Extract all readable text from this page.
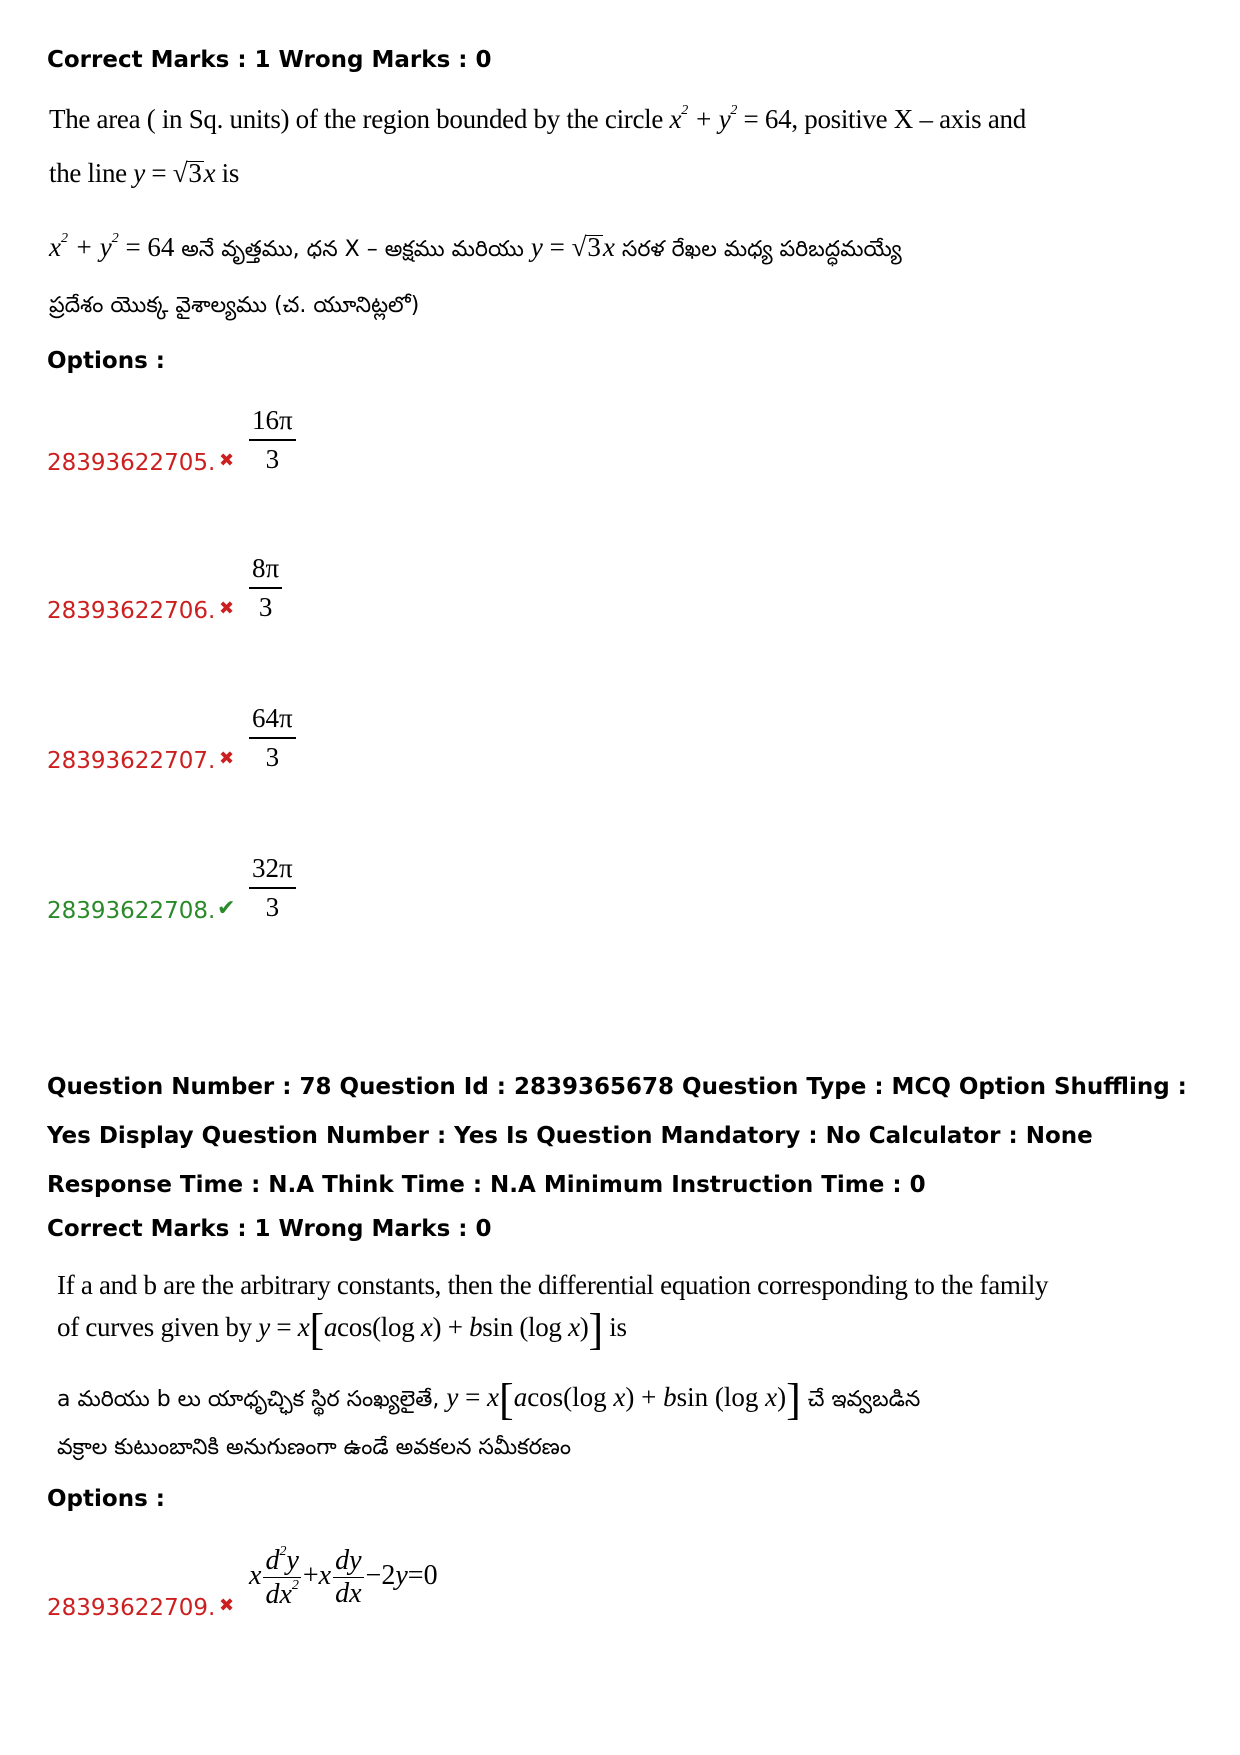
Correct Marks : 1 Wrong Marks : 0
The area ( in Sq. units) of the region bounded by the circle $x^2 + y^2 = 64$, positive X – axis and
the line y = √3x is
$x^2 + y^2 = 64$ అనే వృత్తము, ధన X – అక్షము మరియు y = √3x సరళ రేఖల మధ్య పరిబద్ధమయ్యే
ప్రదేశం యొక్క వైశాల్యము (చ. యూనిట్లలో)
Options :
28393622705. ✖ $\frac{16\pi}{3}$
28393622706. ✖ $\frac{8\pi}{3}$
28393622707. ✖ $\frac{64\pi}{3}$
28393622708. ✔ $\frac{32\pi}{3}$
Question Number : 78 Question Id : 2839365678 Question Type : MCQ Option Shuffling : Yes Display Question Number : Yes Is Question Mandatory : No Calculator : None Response Time : N.A Think Time : N.A Minimum Instruction Time : 0
Correct Marks : 1 Wrong Marks : 0
If a and b are the arbitrary constants, then the differential equation corresponding to the family
of curves given by y = x[acos(log x) + bsin (log x)] is
a మరియు b లు యాధృచ్ఛిక స్థిర సంఖ్యలైతే, y = x[acos(log x) + bsin (log x)] చే ఇవ్వబడిన
వక్రాల కుటుంబానికి అనుగుణంగా ఉండే అవకలన సమీకరణం
Options :
28393622709. ✖
x $\frac{d^2y}{dx^2} +x \frac{dy}{dx} -2y=0$
